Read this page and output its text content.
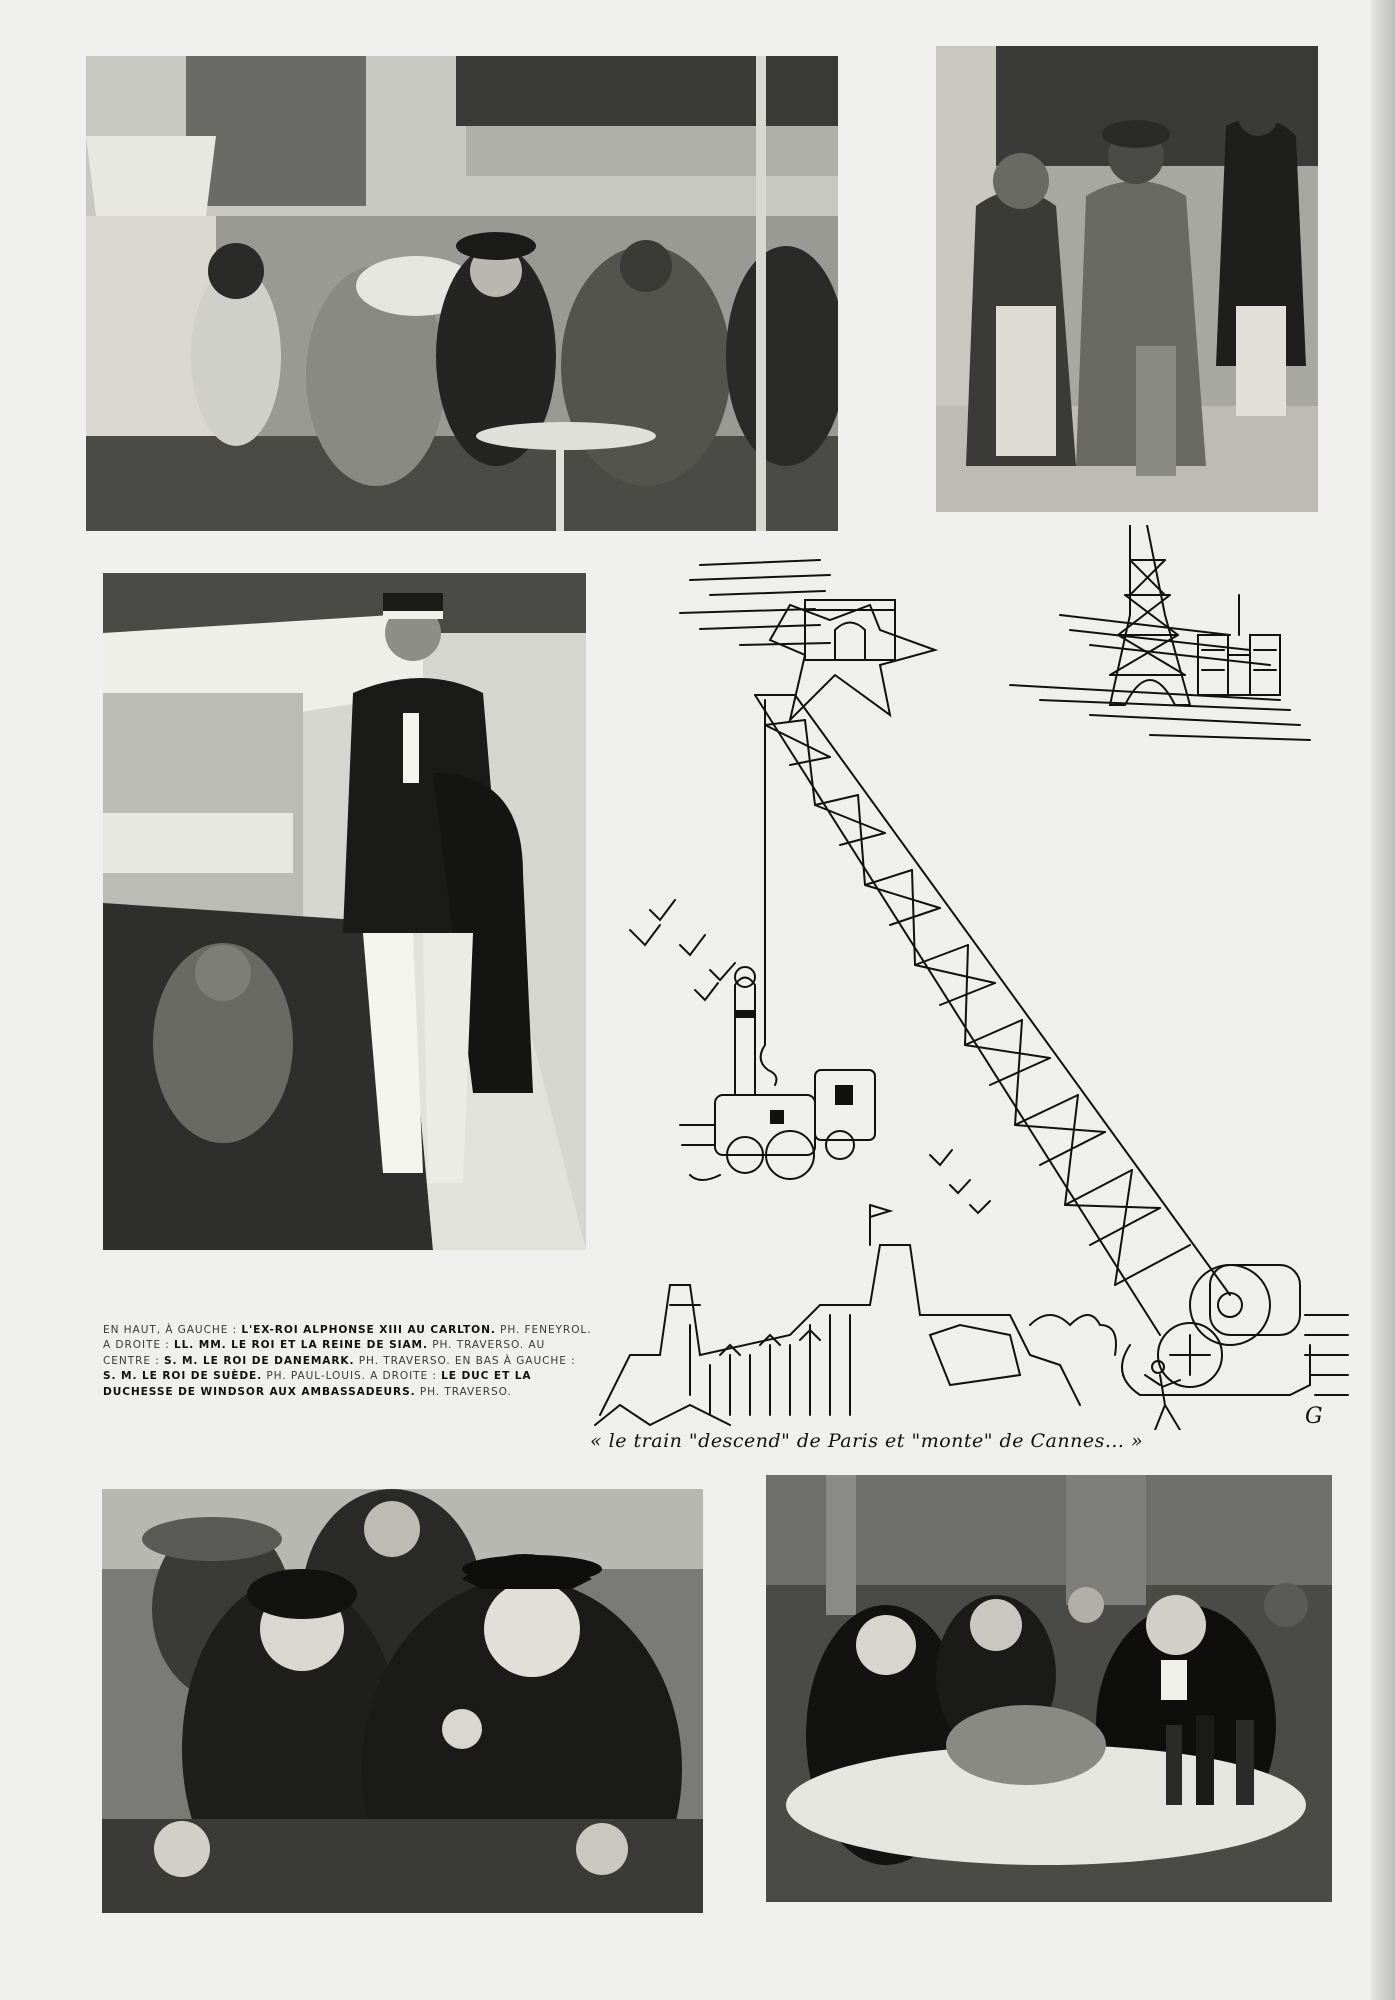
G
« le train "descend" de Paris et "monte" de Cannes... »
EN HAUT, À GAUCHE : L'EX-ROI ALPHONSE XIII AU CARLTON. PH. FENEYROL. A DROITE : LL. MM. LE ROI ET LA REINE DE SIAM. PH. TRAVERSO. AU CENTRE : S. M. LE ROI DE DANEMARK. PH. TRAVERSO. EN BAS À GAUCHE : S. M. LE ROI DE SUÈDE. PH. PAUL-LOUIS. A DROITE : LE DUC ET LA DUCHESSE DE WINDSOR AUX AMBASSADEURS. PH. TRAVERSO.
